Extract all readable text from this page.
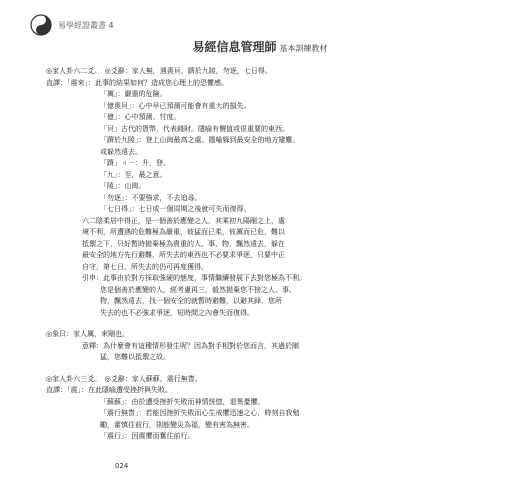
易學經證叢書 4
易經信息管理師 基本訓練教材
◎家人卦六二爻。　◎爻辭：家人無，遇喪貝，躋於九陵，勿逐，七日得。
直譯：「震來」：此事的結果如何？造成您心理上的恐懼感。
「厲」：嚴重的危險。
「億喪貝」：心中早已預測可能會有重大的損失。
「億」：心中預測、忖度。
「貝」古代的貨幣，代表錢財。隱喻有價值或很重要的東西。
「躋於九陵」：登上山崗最高之處。隱喻躲到最安全的地方避難。
或躲然遠去。
「躋」ㄐㄧ：升，登。
「九」：至，最之意。
「陵」：山崗。
「勿逐」：不要強求，不去追尋。
「七日得」：七日或一個周期之後就可失而復得。
六二陰柔居中得正，是一個善於應變之人，其乘初九陽剛之上，處
境不利，所遭遇的危難極為嚴重，彼猛而已柔，彼厲而已危，難以
抵禦之下，只好暫時拋棄極為貴重的人、事、物，飄然遠去，躲在
最安全的地方先行避難，所失去的東西也不必要求爭逐，只要中正
自守，第七日，所失去的仍可再度獲得。
引申：此事由於對方採取強硬的態度，事情繼續發展下去對您極為不利。
您是個善於應變的人，經考慮再三，毅然拋棄您不捨之人、事、
物，飄然遠去，找一個安全的就暫時避難，以避其鋒，您所
失去的也不必強求爭逐，短時間之內會失而復得。
◎象曰：家人厲，來剛也。
意釋：為什麼會有這種情形發生呢？因為對手相對於您而言，其過於剛
猛，您難以抵禦之故。
◎家人卦六三爻。　◎爻辭：家人蘇蘇，震行無眚。
直譯：「震」：在此隱喻遭受挫折與失敗。
「蘇蘇」：由於遭受挫折失敗而神情恍惚，退異憂懼。
「震行無眚」：若能因挫折失敗而心生戒懼迅速之心，時刻自我勉
勵，審慎往前行，則能變災為福，變有害為無害。
「震行」：因震懼而奮往前行。
024
